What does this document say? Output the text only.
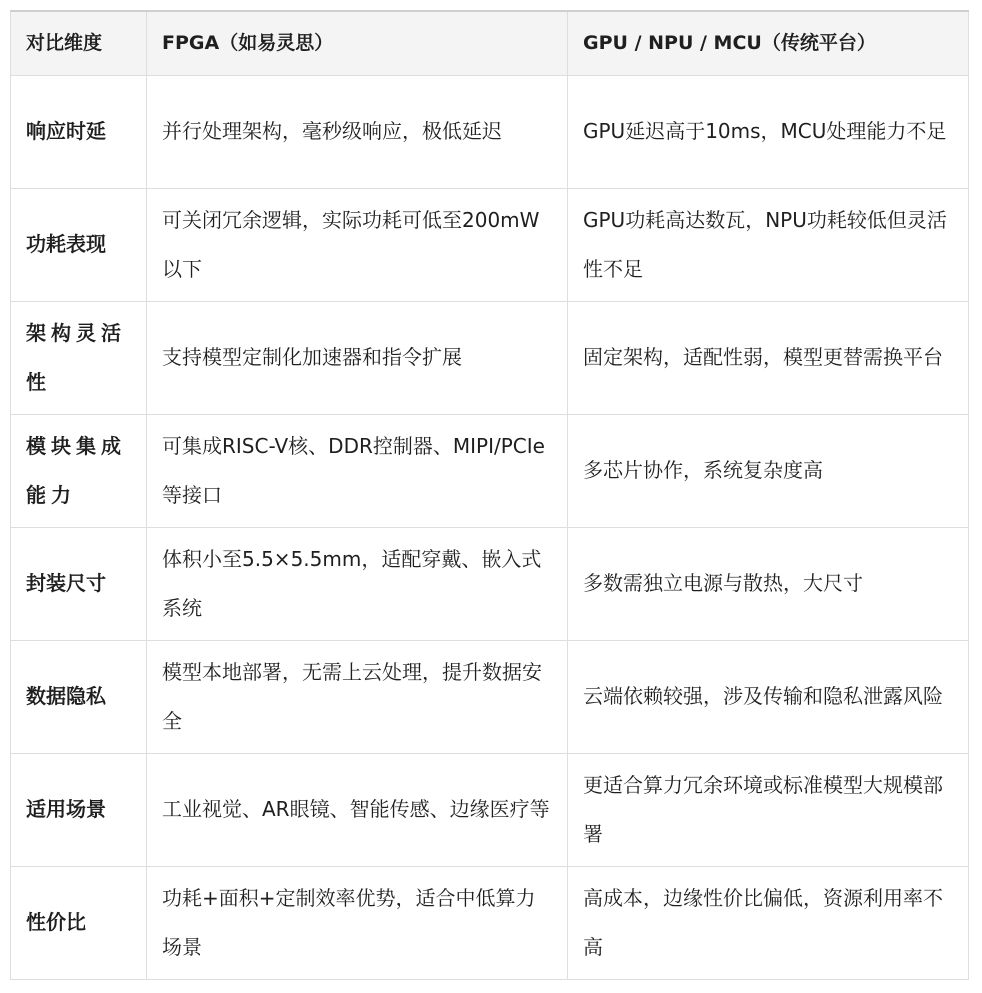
对比维度	FPGA（如易灵思）	GPU / NPU / MCU（传统平台）
响应时延	并行处理架构，毫秒级响应，极低延迟	GPU延迟高于10ms，MCU处理能力不足
功耗表现	可关闭冗余逻辑，实际功耗可低至200mW以下	GPU功耗高达数瓦，NPU功耗较低但灵活性不足
架构灵活性	支持模型定制化加速器和指令扩展	固定架构，适配性弱，模型更替需换平台
模块集成能力	可集成RISC-V核、DDR控制器、MIPI/PCIe等接口	多芯片协作，系统复杂度高
封装尺寸	体积小至5.5×5.5mm，适配穿戴、嵌入式系统	多数需独立电源与散热，大尺寸
数据隐私	模型本地部署，无需上云处理，提升数据安全	云端依赖较强，涉及传输和隐私泄露风险
适用场景	工业视觉、AR眼镜、智能传感、边缘医疗等	更适合算力冗余环境或标准模型大规模部署
性价比	功耗+面积+定制效率优势，适合中低算力场景	高成本，边缘性价比偏低，资源利用率不高
